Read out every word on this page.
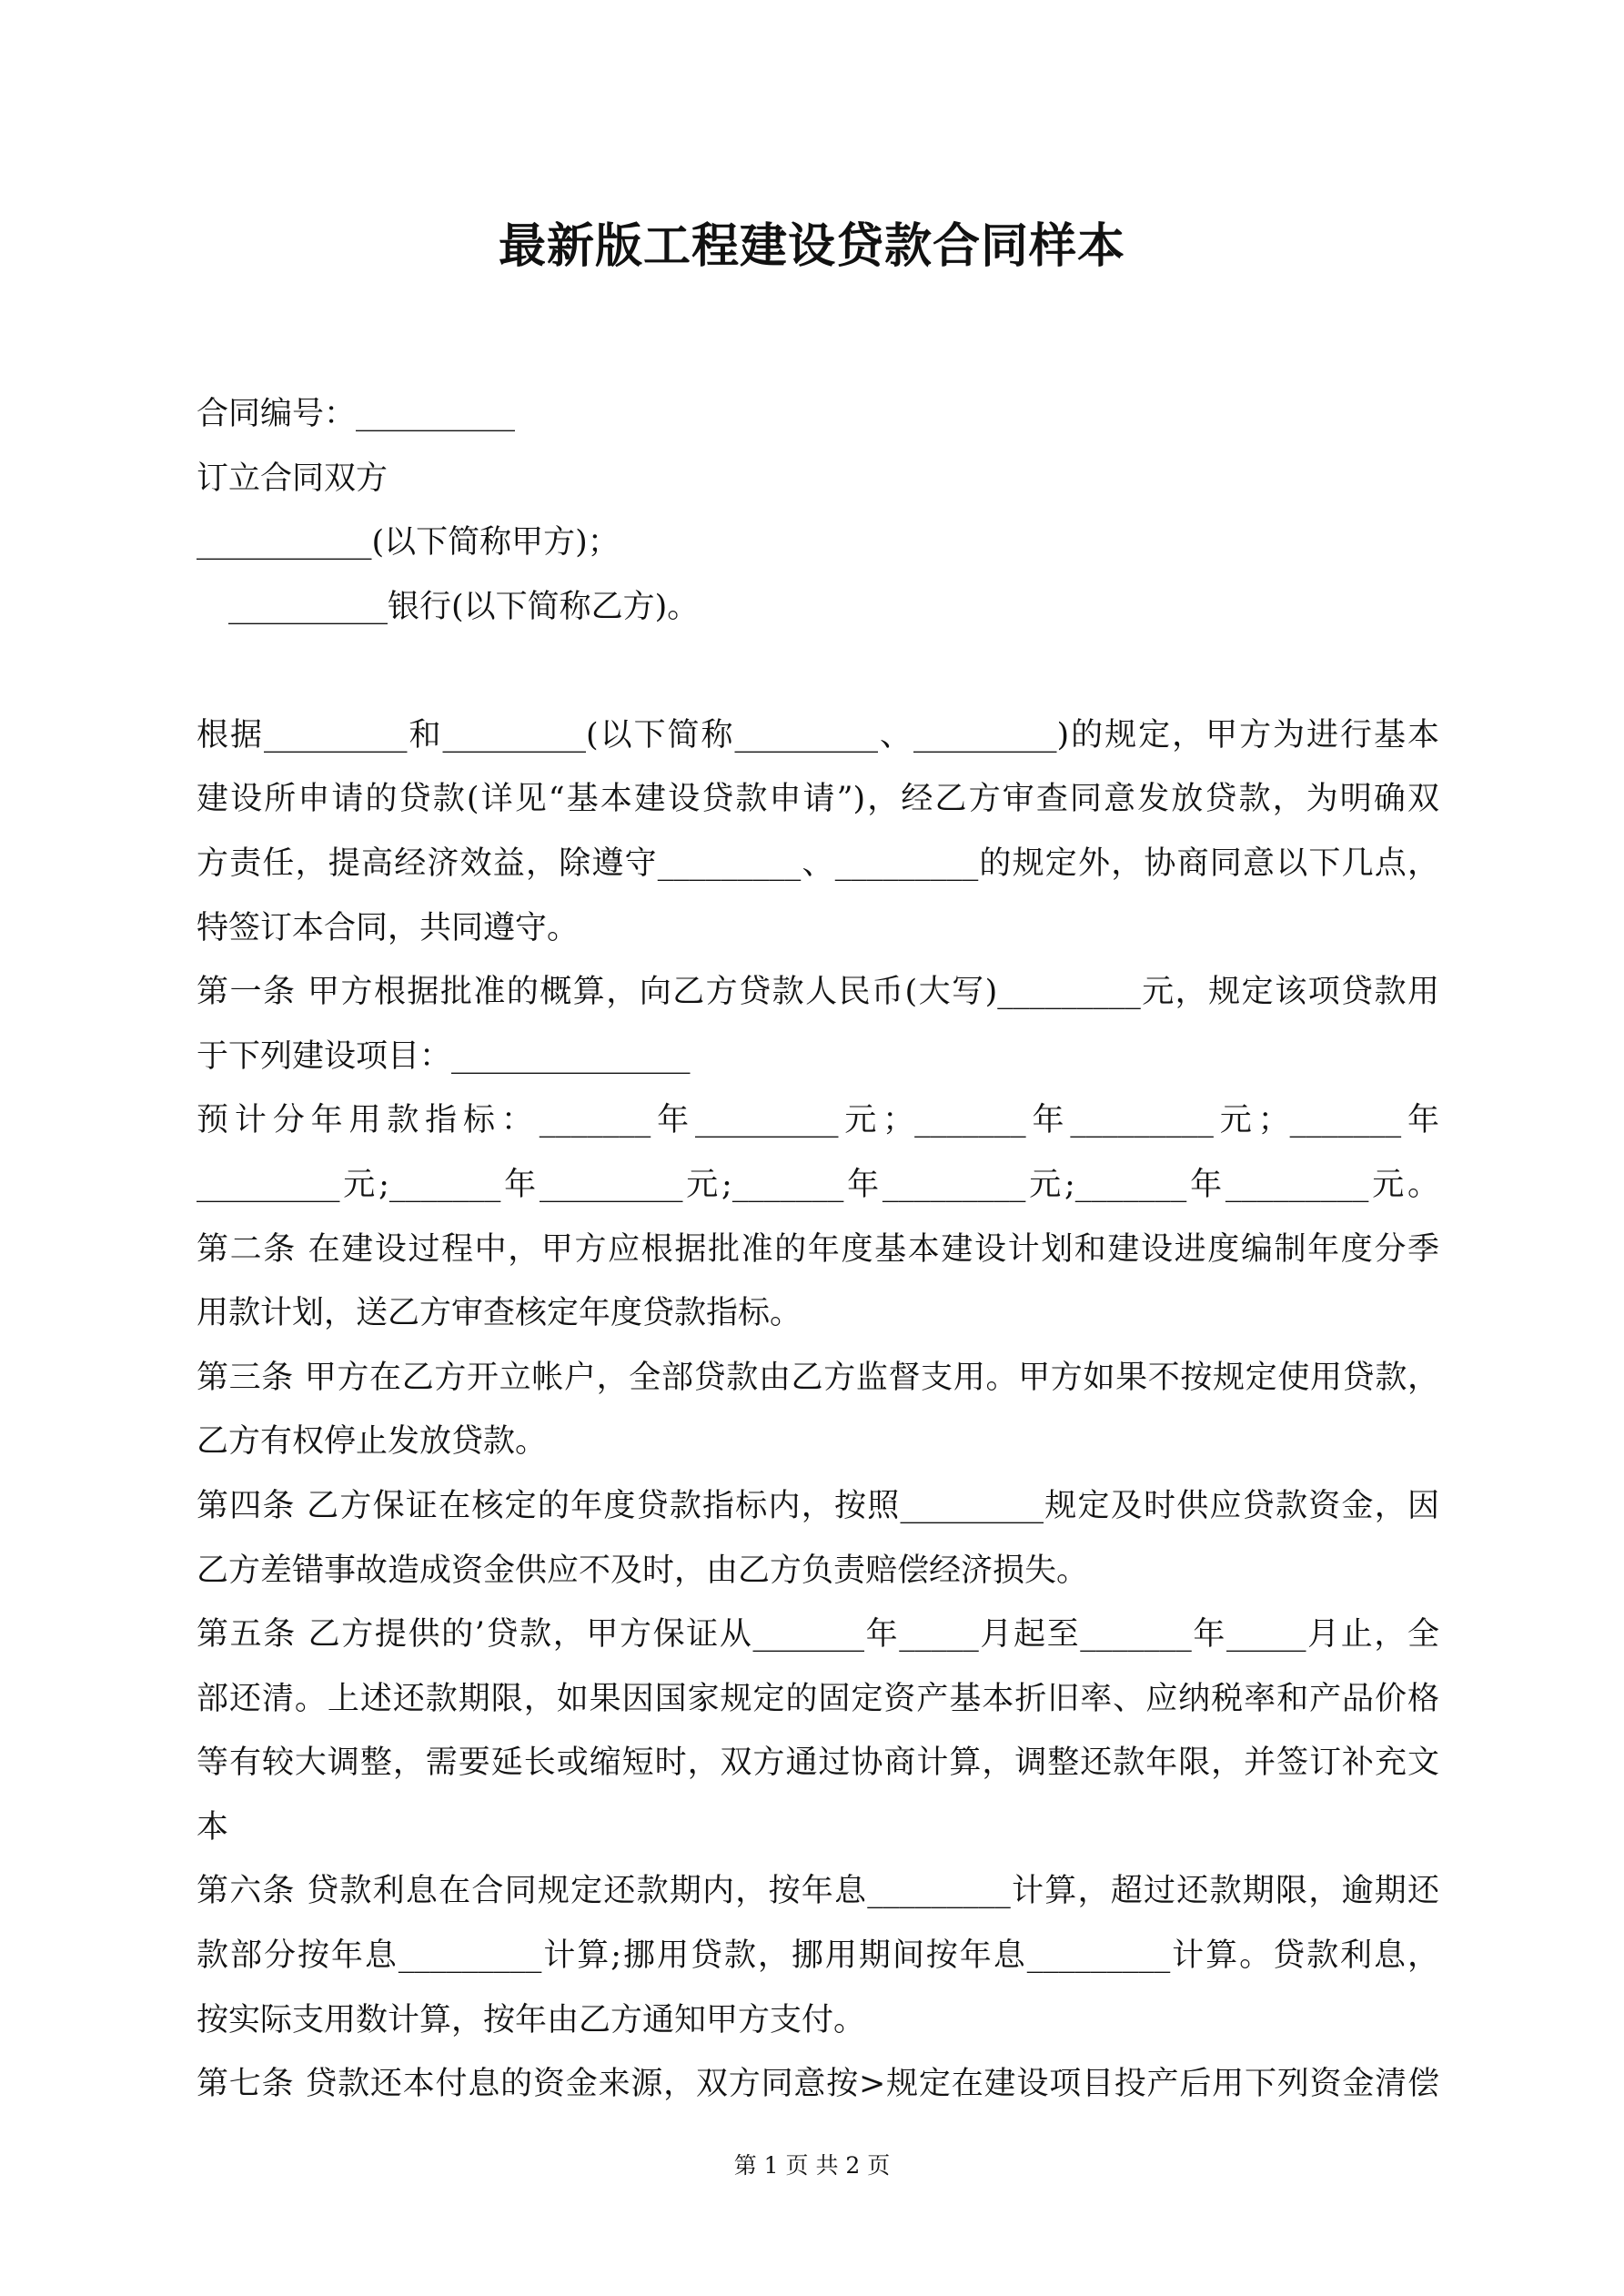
最新版工程建设贷款合同样本
合同编号：__________
订立合同双方
___________(以下简称甲方)；
　__________银行(以下简称乙方)。
根据_________和_________(以下简称_________、_________)的规定，甲方为进行基本
建设所申请的贷款(详见“基本建设贷款申请”)，经乙方审查同意发放贷款，为明确双
方责任，提高经济效益，除遵守_________、_________的规定外，协商同意以下几点，
特签订本合同，共同遵守。
第一条 甲方根据批准的概算，向乙方贷款人民币(大写)_________元，规定该项贷款用
于下列建设项目：_______________
预计分年用款指标：_______年_________元；_______年_________元；_______年
_________元;_______年_________元;_______年_________元;_______年_________元。
第二条 在建设过程中，甲方应根据批准的年度基本建设计划和建设进度编制年度分季
用款计划，送乙方审查核定年度贷款指标。
第三条 甲方在乙方开立帐户，全部贷款由乙方监督支用。甲方如果不按规定使用贷款，
乙方有权停止发放贷款。
第四条 乙方保证在核定的年度贷款指标内，按照_________规定及时供应贷款资金，因
乙方差错事故造成资金供应不及时，由乙方负责赔偿经济损失。
第五条 乙方提供的’贷款，甲方保证从_______年_____月起至_______年_____月止，全
部还清。上述还款期限，如果因国家规定的固定资产基本折旧率、应纳税率和产品价格
等有较大调整，需要延长或缩短时，双方通过协商计算，调整还款年限，并签订补充文
本
第六条 贷款利息在合同规定还款期内，按年息_________计算，超过还款期限，逾期还
款部分按年息_________计算;挪用贷款，挪用期间按年息_________计算。贷款利息，
按实际支用数计算，按年由乙方通知甲方支付。
第七条 贷款还本付息的资金来源，双方同意按>规定在建设项目投产后用下列资金清偿
第 1 页 共 2 页
